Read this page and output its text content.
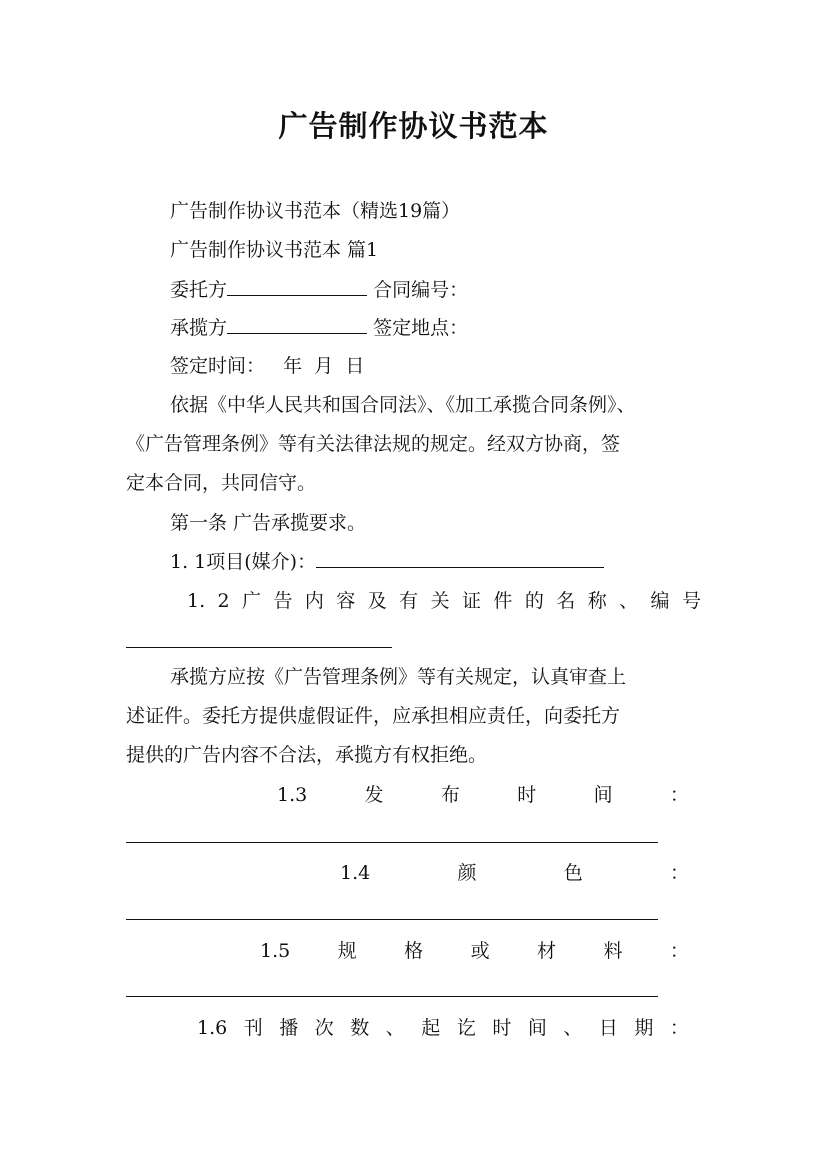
广告制作协议书范本

广告制作协议书范本（精选19篇）

广告制作协议书范本 篇1

委托方	合同编号：

承揽方	签定地点：

签定时间： 年 月 日

依据《中华人民共和国合同法》、《加工承揽合同条例》、

《广告管理条例》等有关法律法规的规定。经双方协商，签

定本合同，共同信守。

第一条 广告承揽要求。

1. 1项目(媒介)：

1. 2 广 告 内 容 及 有 关 证 件 的 名 称 、 编 号

承揽方应按《广告管理条例》等有关规定，认真审查上

述证件。委托方提供虚假证件，应承担相应责任，向委托方

提供的广告内容不合法，承揽方有权拒绝。

1.3	发	布	时	间	：
1.4	颜	色	：
1.5 规 格 或 材 料 ：
1.6 刊 播 次 数 、 起 讫 时 间 、 日 期 ：
